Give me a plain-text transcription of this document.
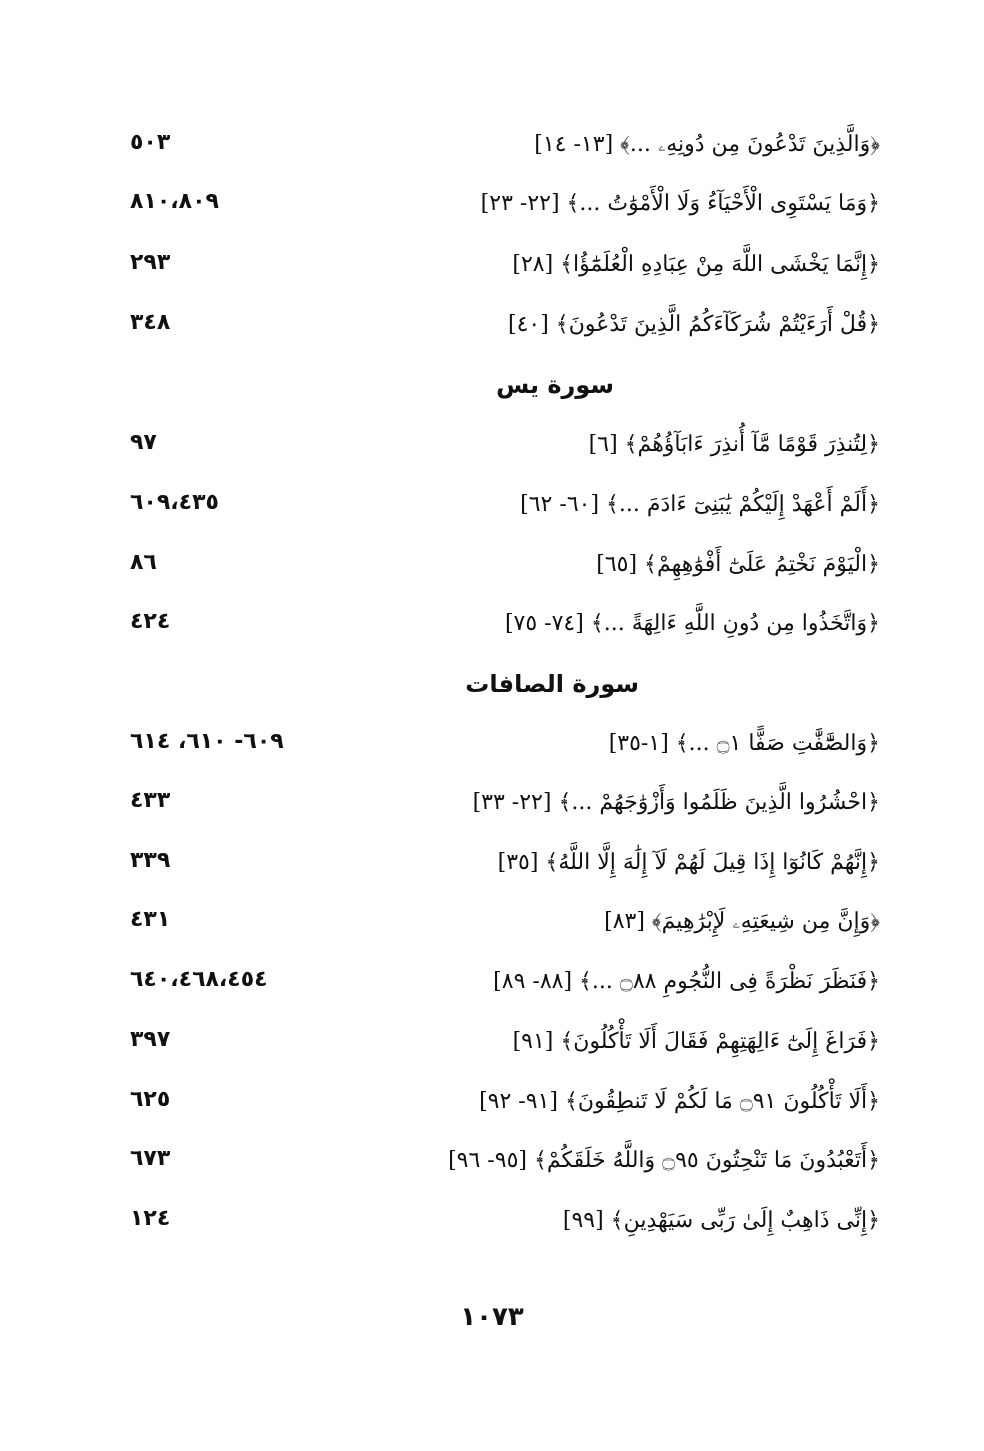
﴿وَالَّذِينَ تَدْعُونَ مِن دُونِهِۦ ...﴾ [١٣- ١٤]
٥٠٣
﴿وَمَا يَسْتَوِى الْأَحْيَآءُ وَلَا الْأَمْوَٰتُ ...﴾ [٢٢- ٢٣]
٨١٠،٨٠٩
﴿إِنَّمَا يَخْشَى اللَّهَ مِنْ عِبَادِهِ الْعُلَمَٰٓؤُا﴾ [٢٨]
٢٩٣
﴿قُلْ أَرَءَيْتُمْ شُرَكَآءَكُمُ الَّذِينَ تَدْعُونَ﴾ [٤٠]
٣٤٨
سورة يس
﴿لِتُنذِرَ قَوْمًا مَّآ أُنذِرَ ءَابَآؤُهُمْ﴾ [٦]
٩٧
﴿أَلَمْ أَعْهَدْ إِلَيْكُمْ يَٰبَنِىٓ ءَادَمَ ...﴾ [٦٠- ٦٢]
٦٠٩،٤٣٥
﴿الْيَوْمَ نَخْتِمُ عَلَىٰٓ أَفْوَٰهِهِمْ﴾ [٦٥]
٨٦
﴿وَاتَّخَذُوا مِن دُونِ اللَّهِ ءَالِهَةً ...﴾ [٧٤- ٧٥]
٤٢٤
سورة الصافات
﴿وَالصَّٰٓفَّٰتِ صَفًّا ۝١ ...﴾ [١-٣٥]
٦٠٩- ٦١٠، ٦١٤
﴿احْشُرُوا الَّذِينَ ظَلَمُوا وَأَزْوَٰجَهُمْ ...﴾ [٢٢- ٣٣]
٤٣٣
﴿إِنَّهُمْ كَانُوٓا إِذَا قِيلَ لَهُمْ لَآ إِلَٰهَ إِلَّا اللَّهُ﴾ [٣٥]
٣٣٩
﴿وَإِنَّ مِن شِيعَتِهِۦ لَإِبْرَٰهِيمَ﴾ [٨٣]
٤٣١
﴿فَنَظَرَ نَظْرَةً فِى النُّجُومِ ۝٨٨ ...﴾ [٨٨- ٨٩]
٦٤٠،٤٦٨،٤٥٤
﴿فَرَاغَ إِلَىٰٓ ءَالِهَتِهِمْ فَقَالَ أَلَا تَأْكُلُونَ﴾ [٩١]
٣٩٧
﴿أَلَا تَأْكُلُونَ ۝٩١ مَا لَكُمْ لَا تَنطِقُونَ﴾ [٩١- ٩٢]
٦٢٥
﴿أَتَعْبُدُونَ مَا تَنْحِتُونَ ۝٩٥ وَاللَّهُ خَلَقَكُمْ﴾ [٩٥- ٩٦]
٦٧٣
﴿إِنِّى ذَاهِبٌ إِلَىٰ رَبِّى سَيَهْدِينِ﴾ [٩٩]
١٢٤
١٠٧٣
